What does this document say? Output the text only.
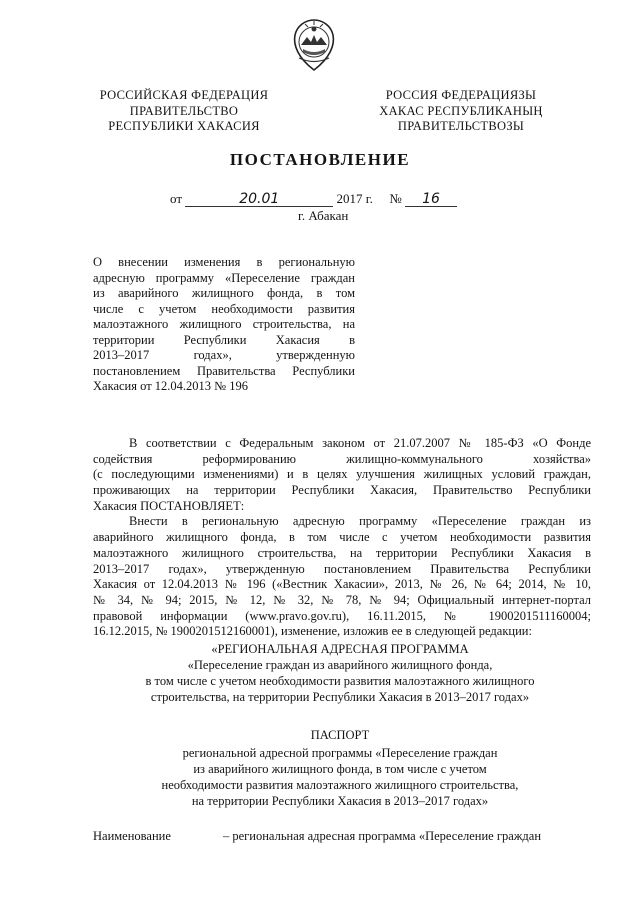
РОССИЙСКАЯ ФЕДЕРАЦИЯ
ПРАВИТЕЛЬСТВО
РЕСПУБЛИКИ ХАКАСИЯ
РОССИЯ ФЕДЕРАЦИЯЗЫ
ХАКАС РЕСПУБЛИКАНЫҢ
ПРАВИТЕЛЬСТВОЗЫ
ПОСТАНОВЛЕНИЕ
от	20.01	2017 г. № 16
г. Абакан
О внесении изменения в региональную
адресную программу «Переселение граждан
из аварийного жилищного фонда, в том
числе с учетом необходимости развития
малоэтажного жилищного строительства, на
территории Республики Хакасия в
2013–2017 годах», утвержденную
постановлением Правительства Республики
Хакасия от 12.04.2013 № 196
В соответствии с Федеральным законом от 21.07.2007 № 185-ФЗ «О Фонде
содействия реформированию жилищно-коммунального хозяйства»
(с последующими изменениями) и в целях улучшения жилищных условий граждан,
проживающих на территории Республики Хакасия, Правительство Республики
Хакасия ПОСТАНОВЛЯЕТ:
Внести в региональную адресную программу «Переселение граждан из
аварийного жилищного фонда, в том числе с учетом необходимости развития
малоэтажного жилищного строительства, на территории Республики Хакасия в
2013–2017 годах», утвержденную постановлением Правительства Республики
Хакасия от 12.04.2013 № 196 («Вестник Хакасии», 2013, № 26, № 64; 2014, № 10,
№ 34, № 94; 2015, № 12, № 32, № 78, № 94; Официальный интернет-портал
правовой информации (www.pravo.gov.ru), 16.11.2015, № 1900201511160004;
16.12.2015, № 1900201512160001), изменение, изложив ее в следующей редакции:
«РЕГИОНАЛЬНАЯ АДРЕСНАЯ ПРОГРАММА
«Переселение граждан из аварийного жилищного фонда,
в том числе с учетом необходимости развития малоэтажного жилищного
строительства, на территории Республики Хакасия в 2013–2017 годах»
ПАСПОРТ
региональной адресной программы «Переселение граждан
из аварийного жилищного фонда, в том числе с учетом
необходимости развития малоэтажного жилищного строительства,
на территории Республики Хакасия в 2013–2017 годах»
Наименование	– региональная адресная программа «Переселение граждан
